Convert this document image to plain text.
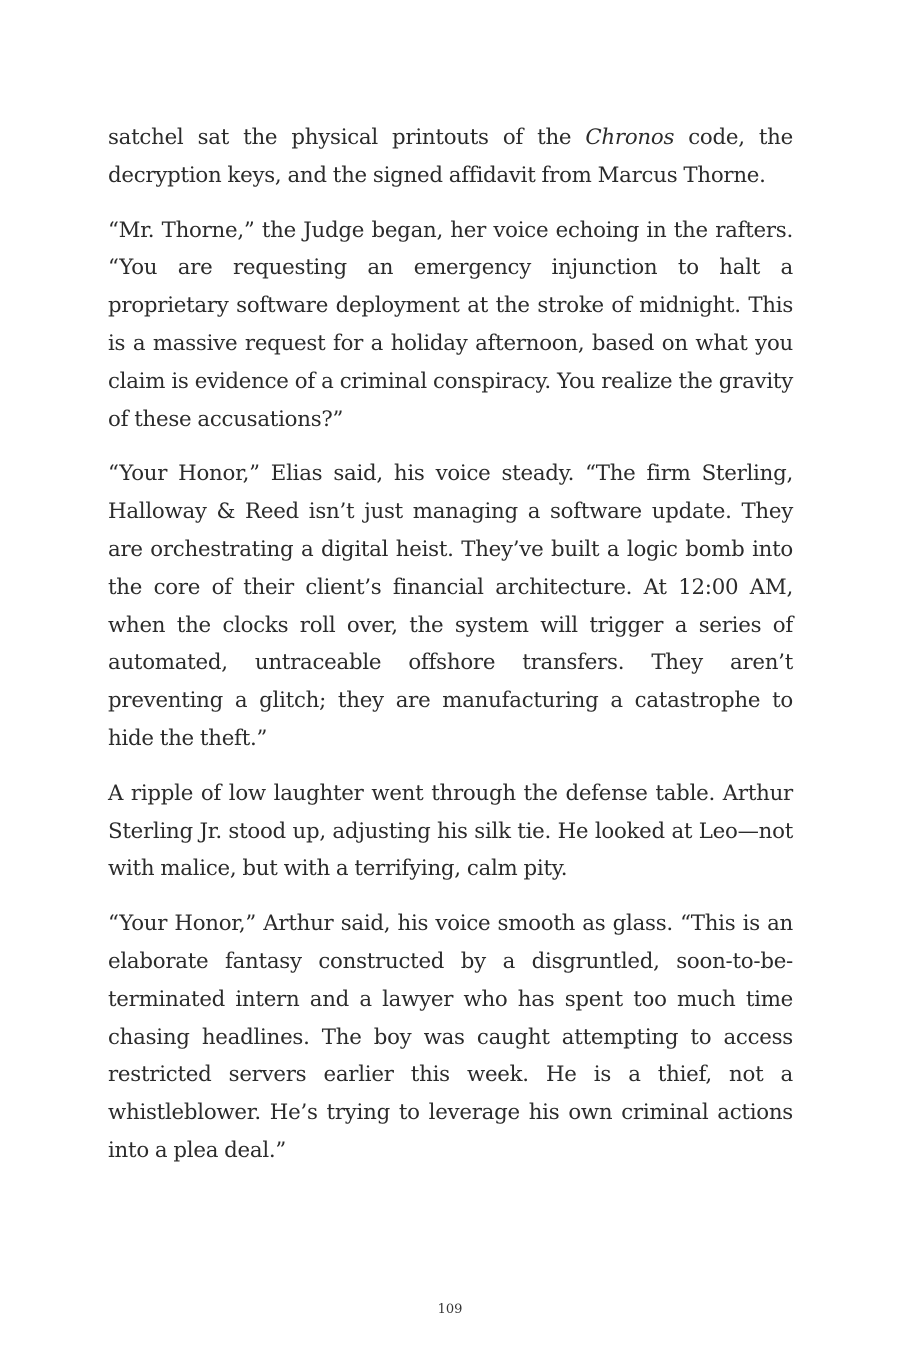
satchel sat the physical printouts of the Chronos code, the decryption keys, and the signed affidavit from Marcus Thorne.

“Mr. Thorne,” the Judge began, her voice echoing in the rafters. “You are requesting an emergency injunction to halt a proprietary software deployment at the stroke of midnight. This is a massive request for a holiday afternoon, based on what you claim is evidence of a criminal conspiracy. You realize the gravity of these accusations?”

“Your Honor,” Elias said, his voice steady. “The firm Sterling, Halloway & Reed isn’t just managing a software update. They are orchestrating a digital heist. They’ve built a logic bomb into the core of their client’s financial architecture. At 12:00 AM, when the clocks roll over, the system will trigger a series of automated, untraceable offshore transfers. They aren’t preventing a glitch; they are manufacturing a catastrophe to hide the theft.”

A ripple of low laughter went through the defense table. Arthur Sterling Jr. stood up, adjusting his silk tie. He looked at Leo—not with malice, but with a terrifying, calm pity.

“Your Honor,” Arthur said, his voice smooth as glass. “This is an elaborate fantasy constructed by a disgruntled, soon-to-be-terminated intern and a lawyer who has spent too much time chasing headlines. The boy was caught attempting to access restricted servers earlier this week. He is a thief, not a whistleblower. He’s trying to leverage his own criminal actions into a plea deal.”

109
